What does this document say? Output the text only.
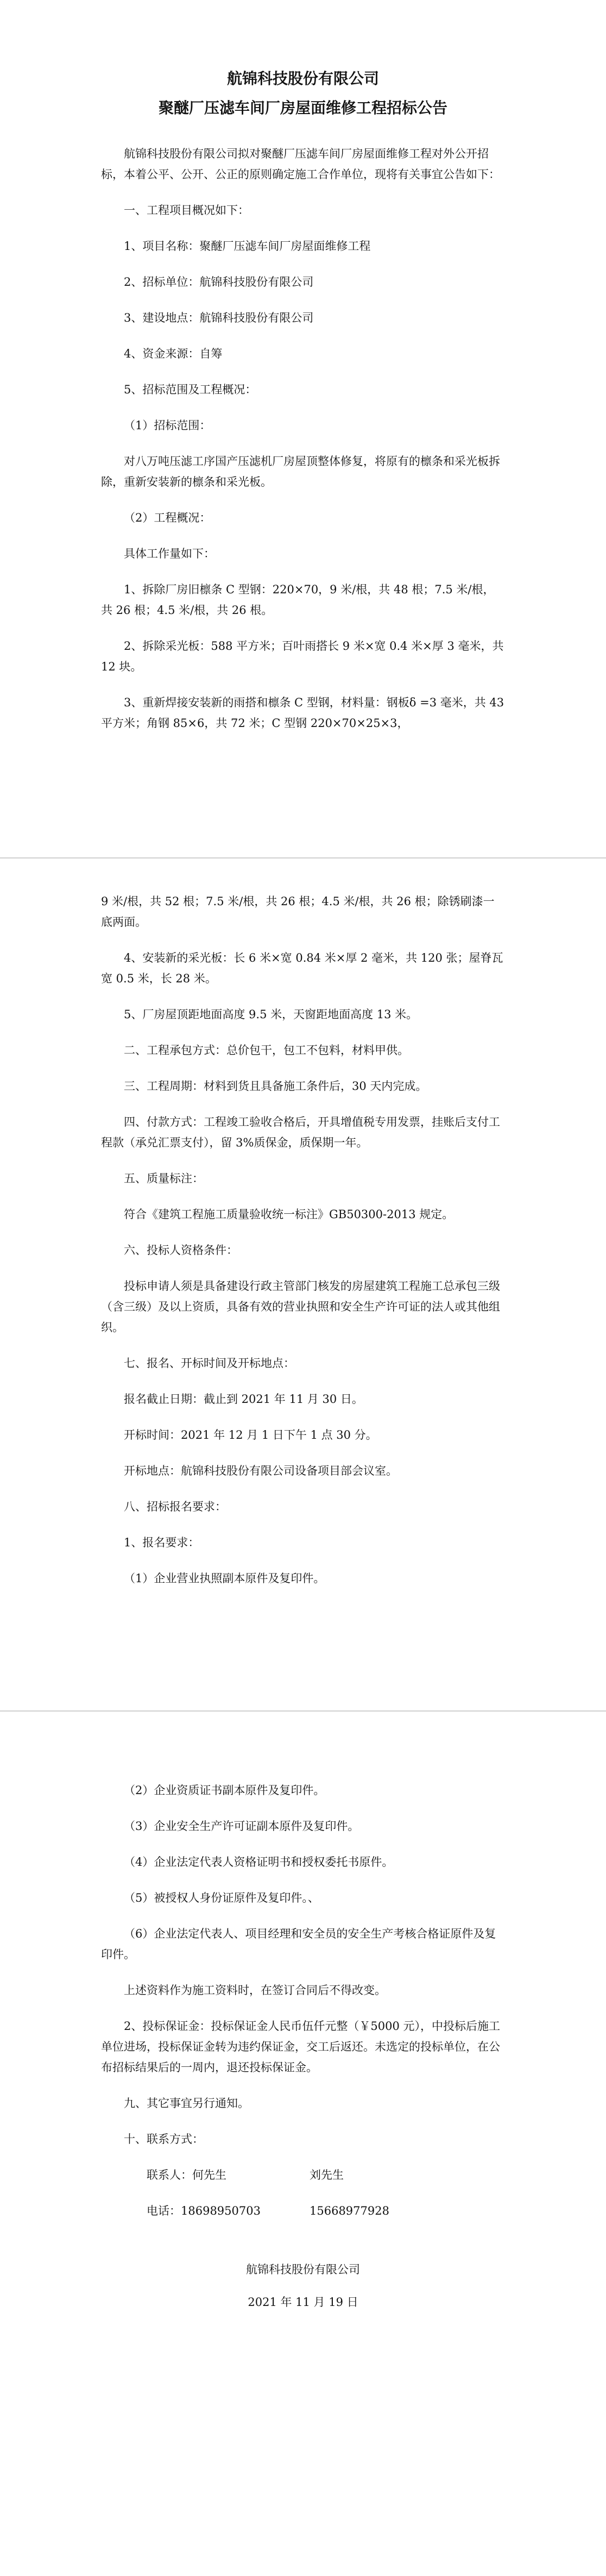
航锦科技股份有限公司
聚醚厂压滤车间厂房屋面维修工程招标公告

航锦科技股份有限公司拟对聚醚厂压滤车间厂房屋面维修工程对外公开招标，本着公平、公开、公正的原则确定施工合作单位，现将有关事宜公告如下：

一、工程项目概况如下：

1、项目名称：聚醚厂压滤车间厂房屋面维修工程

2、招标单位：航锦科技股份有限公司

3、建设地点：航锦科技股份有限公司

4、资金来源：自筹

5、招标范围及工程概况：

（1）招标范围：

对八万吨压滤工序国产压滤机厂房屋顶整体修复，将原有的檩条和采光板拆除，重新安装新的檩条和采光板。

（2）工程概况：

具体工作量如下：

1、拆除厂房旧檩条 C 型钢：220×70，9 米/根，共 48 根；7.5 米/根，共 26 根；4.5 米/根，共 26 根。

2、拆除采光板：588 平方米；百叶雨搭长 9 米×宽 0.4 米×厚 3 毫米，共 12 块。

3、重新焊接安装新的雨搭和檩条 C 型钢，材料量：钢板δ =3 毫米，共 43 平方米；角钢 85×6，共 72 米；C 型钢 220×70×25×3，

9 米/根，共 52 根；7.5 米/根，共 26 根；4.5 米/根，共 26 根；除锈刷漆一底两面。

4、安装新的采光板：长 6 米×宽 0.84 米×厚 2 毫米，共 120 张；屋脊瓦宽 0.5 米，长 28 米。

5、厂房屋顶距地面高度 9.5 米，天窗距地面高度 13 米。

二、工程承包方式：总价包干，包工不包料，材料甲供。

三、工程周期：材料到货且具备施工条件后，30 天内完成。

四、付款方式：工程竣工验收合格后，开具增值税专用发票，挂账后支付工程款（承兑汇票支付），留 3%质保金，质保期一年。

五、质量标注：

符合《建筑工程施工质量验收统一标注》GB50300-2013 规定。

六、投标人资格条件：

投标申请人须是具备建设行政主管部门核发的房屋建筑工程施工总承包三级（含三级）及以上资质，具备有效的营业执照和安全生产许可证的法人或其他组织。

七、报名、开标时间及开标地点：

报名截止日期：截止到 2021 年 11 月 30 日。

开标时间：2021 年 12 月 1 日下午 1 点 30 分。

开标地点：航锦科技股份有限公司设备项目部会议室。

八、招标报名要求：

1、报名要求：

（1）企业营业执照副本原件及复印件。

（2）企业资质证书副本原件及复印件。

（3）企业安全生产许可证副本原件及复印件。

（4）企业法定代表人资格证明书和授权委托书原件。

（5）被授权人身份证原件及复印件。、

（6）企业法定代表人、项目经理和安全员的安全生产考核合格证原件及复印件。

上述资料作为施工资料时，在签订合同后不得改变。

2、投标保证金：投标保证金人民币伍仟元整（￥5000 元），中投标后施工单位进场，投标保证金转为违约保证金，交工后返还。未选定的投标单位，在公布招标结果后的一周内，退还投标保证金。

九、其它事宜另行通知。

十、联系方式：

联系人：何先生	刘先生

电话：18698950703	15668977928

航锦科技股份有限公司

2021 年 11 月 19 日
